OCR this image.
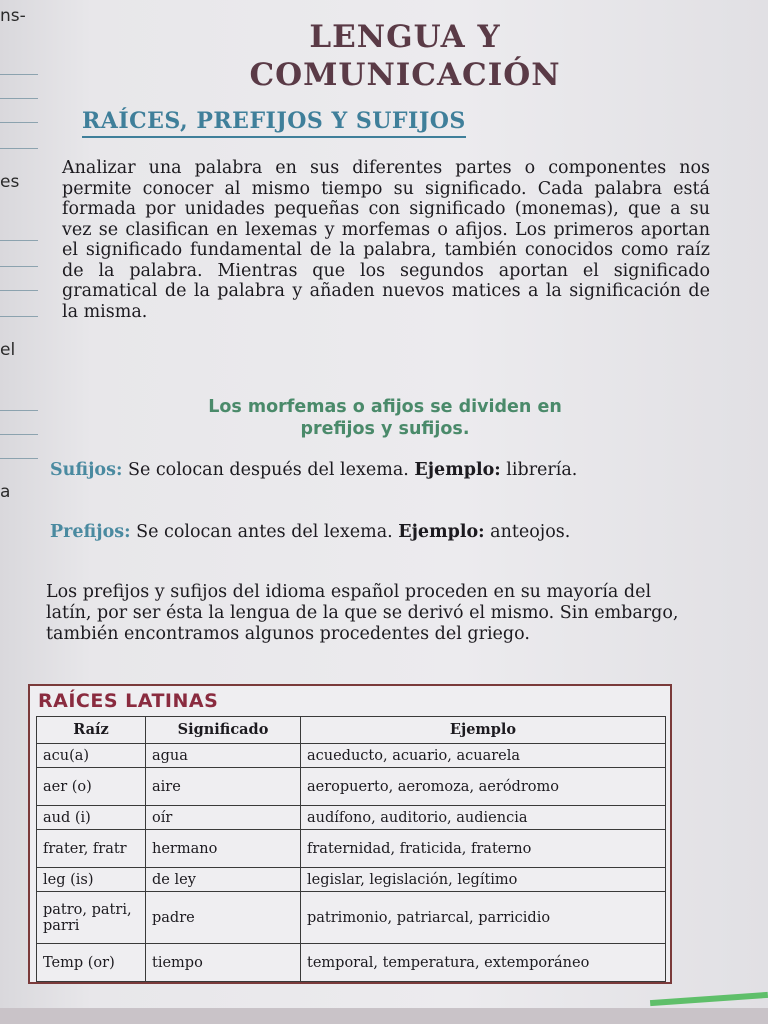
ns-
es
el
a
LENGUA Y
COMUNICACIÓN
RAÍCES, PREFIJOS Y SUFIJOS
Analizar una palabra en sus diferentes partes o componentes nos permite conocer al mismo tiempo su significado. Cada palabra está formada por unidades pequeñas con significado (monemas), que a su vez se clasifican en lexemas y morfemas o afijos. Los primeros aportan el significado fundamental de la palabra, también conocidos como raíz de la palabra. Mientras que los segundos aportan el significado gramatical de la palabra y añaden nuevos matices a la significación de la misma.
Los morfemas o afijos se dividen en
prefijos y sufijos.
Sufijos: Se colocan después del lexema. Ejemplo: librería.
Prefijos: Se colocan antes del lexema. Ejemplo: anteojos.
Los prefijos y sufijos del idioma español proceden en su mayoría del latín, por ser ésta la lengua de la que se derivó el mismo. Sin embargo, también encontramos algunos procedentes del griego.
RAÍCES LATINAS
Raíz	Significado	Ejemplo
acu(a)	agua	acueducto, acuario, acuarela
aer (o)	aire	aeropuerto, aeromoza, aeródromo
aud (i)	oír	audífono, auditorio, audiencia
frater, fratr	hermano	fraternidad, fraticida, fraterno
leg (is)	de ley	legislar, legislación, legítimo
patro, patri, parri	padre	patrimonio, patriarcal, parricidio
Temp (or)	tiempo	temporal, temperatura, extemporáneo
